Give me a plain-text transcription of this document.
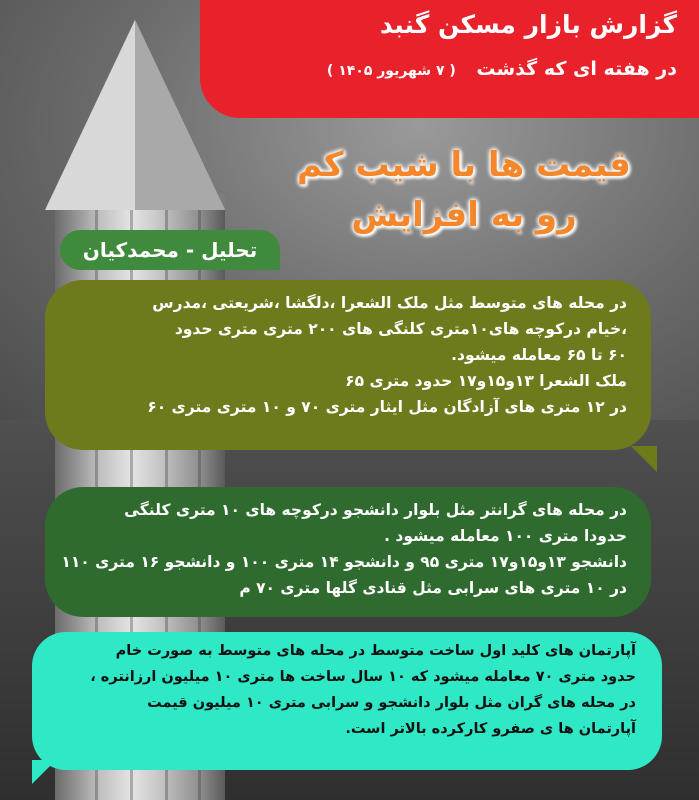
گزارش بازار مسکن گنبد
در هفته ای که گذشت ( ۷ شهریور ۱۴۰۵ )
قیمت ها با شیب کم
رو به افزایش
تحلیل - محمدکیان
در محله های متوسط مثل ملک الشعرا ،دلگشا ،شریعتی ،مدرس
،خیام درکوچه های۱۰متری کلنگی های ۲۰۰ متری متری حدود
۶۰ تا ۶۵ معامله میشود.
ملک الشعرا ۱۳و۱۵و۱۷ حدود متری ۶۵
در ۱۲ متری های آزادگان مثل ایثار متری ۷۰ و ۱۰ متری متری ۶۰
در محله های گرانتر مثل بلوار دانشجو درکوچه های ۱۰ متری کلنگی
حدودا متری ۱۰۰ معامله میشود .
دانشجو ۱۳و۱۵و۱۷ متری ۹۵ و دانشجو ۱۴ متری ۱۰۰ و دانشجو ۱۶ متری ۱۱۰
در ۱۰ متری های سرابی مثل قنادی گلها متری ۷۰ م
آپارتمان های کلید اول ساخت متوسط در محله های متوسط به صورت خام
حدود متری ۷۰ معامله میشود که ۱۰ سال ساخت ها متری ۱۰ میلیون ارزانتره ،
در محله های گران مثل بلوار دانشجو و سرابی متری ۱۰ میلیون قیمت
آپارتمان ها ی صفرو کارکرده بالاتر است.
